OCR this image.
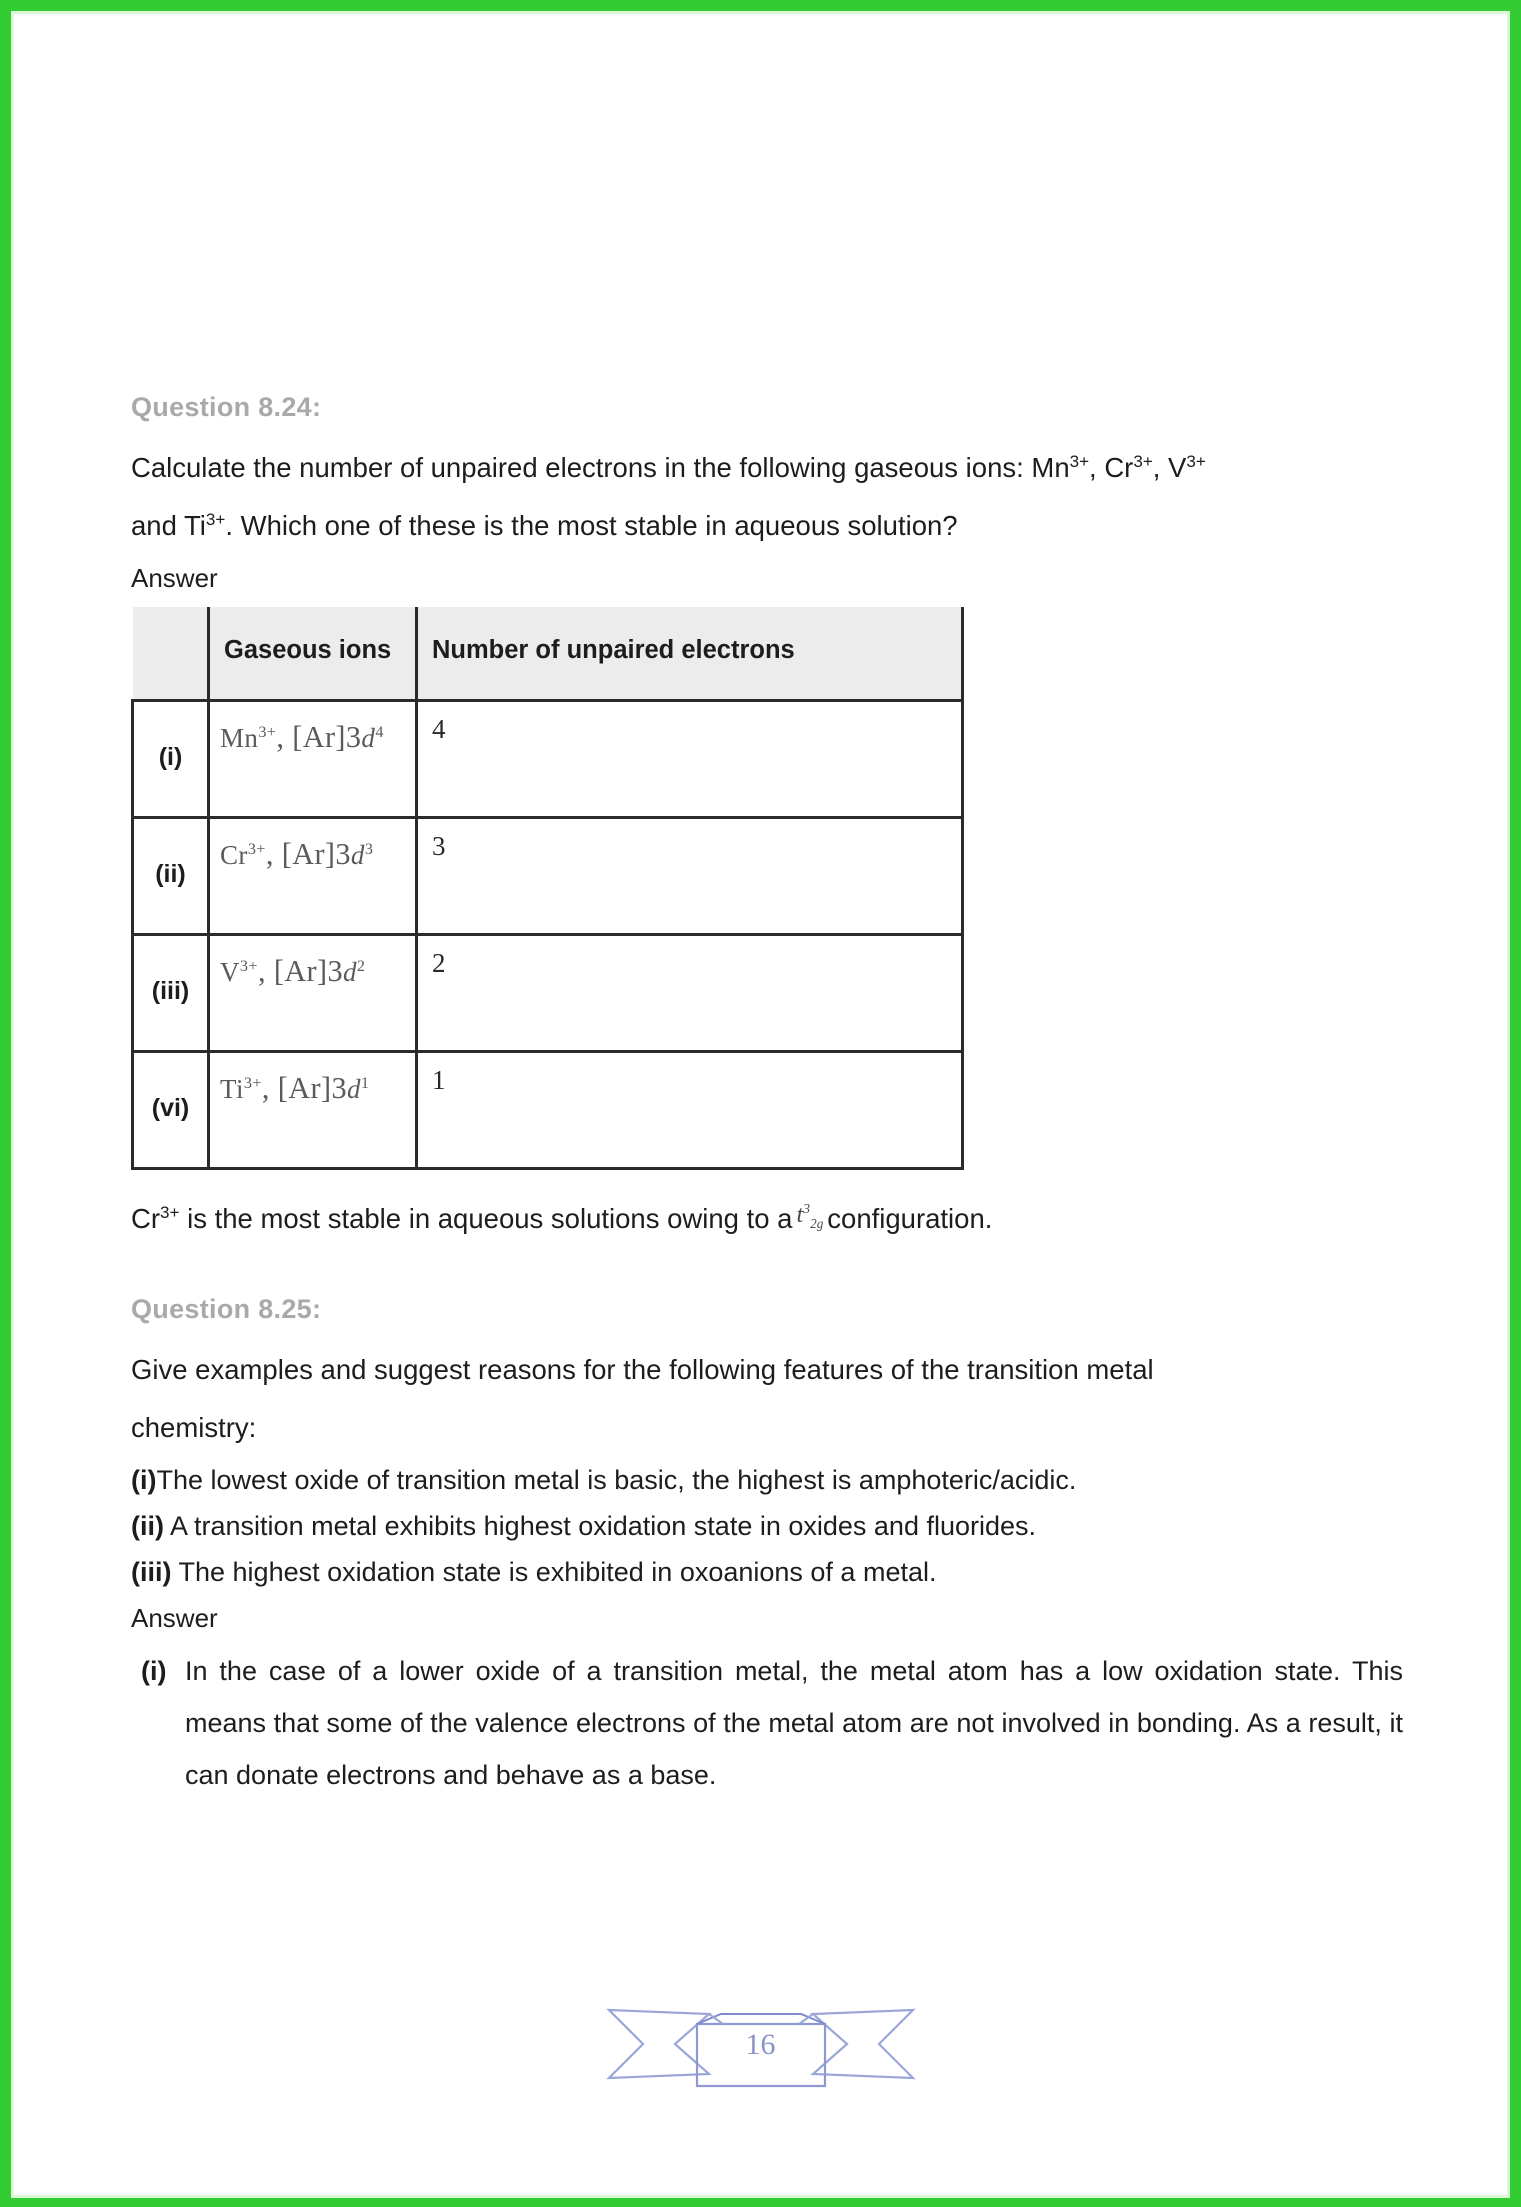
Question 8.24:

Calculate the number of unpaired electrons in the following gaseous ions: $Mn^{3+}$, $Cr^{3+}$, $V^{3+}$

and $Ti^{3+}$. Which one of these is the most stable in aqueous solution?

Answer

	Gaseous ions	Number of unpaired electrons
(i)	$Mn^{3+}$, $[Ar]3d^4$	4
(ii)	$Cr^{3+}$, $[Ar]3d^3$	3
(iii)	$V^{3+}$, $[Ar]3d^2$	2
(vi)	$Ti^{3+}$, $[Ar]3d^1$	1

$Cr^{3+}$ is the most stable in aqueous solutions owing to a $t^3_{2g}$ configuration.

Question 8.25:

Give examples and suggest reasons for the following features of the transition metal

chemistry:

(i)The lowest oxide of transition metal is basic, the highest is amphoteric/acidic.

(ii) A transition metal exhibits highest oxidation state in oxides and fluorides.

(iii) The highest oxidation state is exhibited in oxoanions of a metal.

Answer

(i) In the case of a lower oxide of a transition metal, the metal atom has a low oxidation state. This means that some of the valence electrons of the metal atom are not involved in bonding. As a result, it can donate electrons and behave as a base.
16
